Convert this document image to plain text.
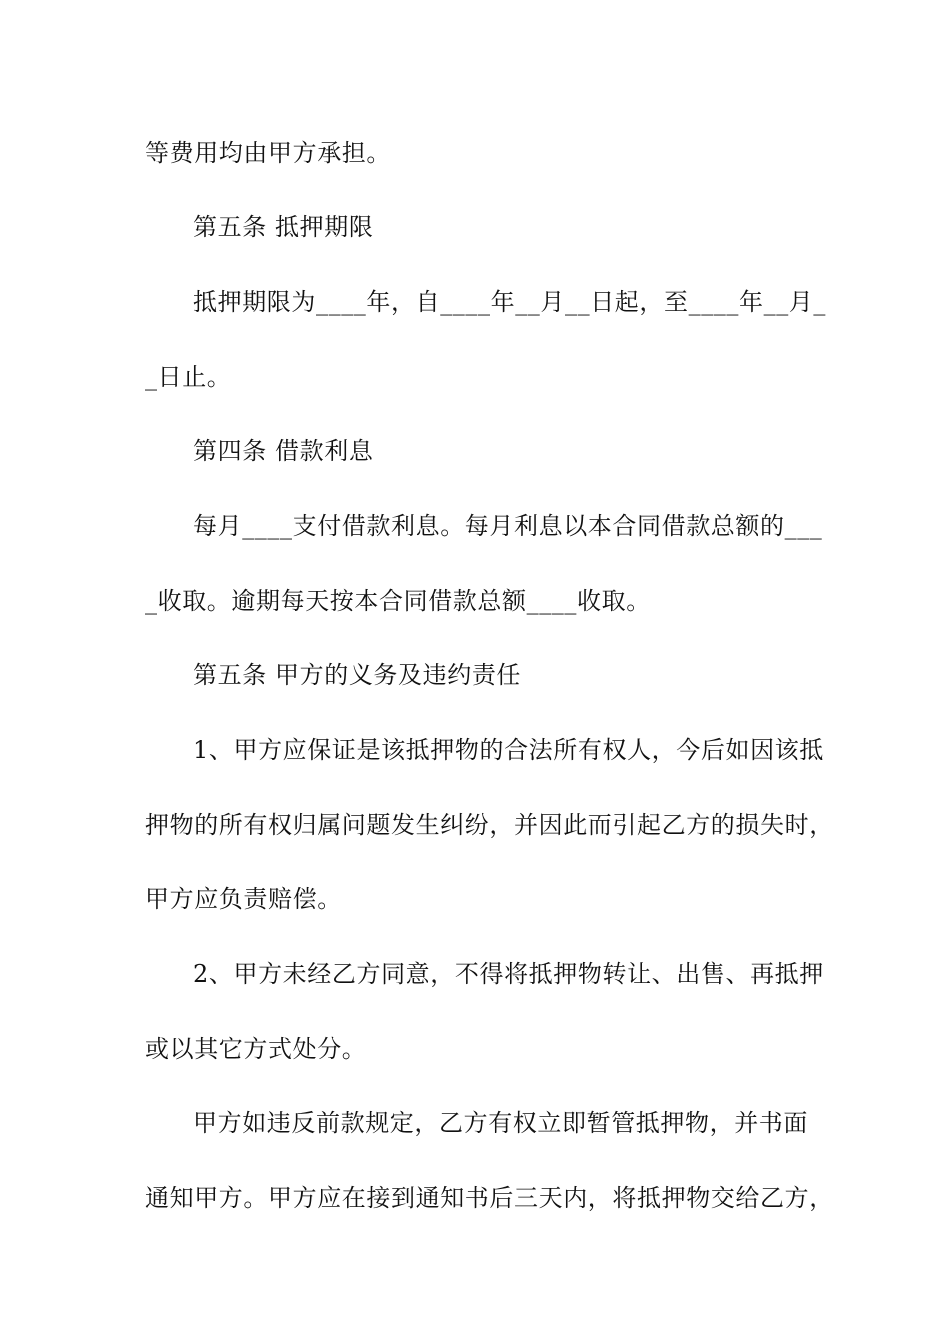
等费用均由甲方承担。
第五条 抵押期限
抵押期限为____年，自____年__月__日起，至____年__月_
_日止。
第四条 借款利息
每月____支付借款利息。每月利息以本合同借款总额的___
_收取。逾期每天按本合同借款总额____收取。
第五条 甲方的义务及违约责任
1、甲方应保证是该抵押物的合法所有权人，今后如因该抵
押物的所有权归属问题发生纠纷，并因此而引起乙方的损失时，
甲方应负责赔偿。
2、甲方未经乙方同意，不得将抵押物转让、出售、再抵押
或以其它方式处分。
甲方如违反前款规定，乙方有权立即暂管抵押物，并书面
通知甲方。甲方应在接到通知书后三天内，将抵押物交给乙方，
